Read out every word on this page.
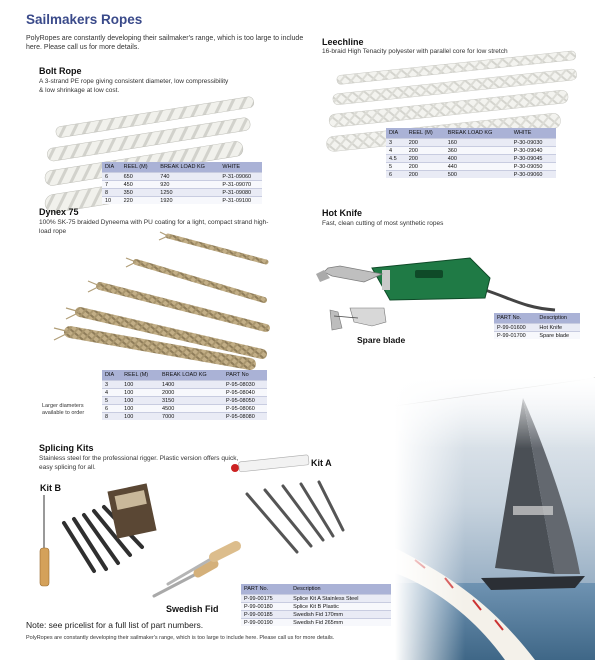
Sailmakers Ropes
PolyRopes are constantly developing their sailmaker's range, which is too large to include here. Please call us for more details.
Bolt Rope
A 3-strand PE rope giving consistent diameter, low compressibility & low shrinkage at low cost.
DIA	REEL (M)	BREAK LOAD KG	WHITE
6	650	740	P-31-09060
7	450	920	P-31-09070
8	350	1250	P-31-09080
10	220	1920	P-31-09100
Leechline
16-braid High Tenacity polyester with parallel core for low stretch
DIA	REEL (M)	BREAK LOAD KG	WHITE
3	200	160	P-30-09030
4	200	360	P-30-09040
4.5	200	400	P-30-09045
5	200	440	P-30-09050
6	200	500	P-30-09060
Dynex 75
100% SK-75 braided Dyneema with PU coating for a light, compact strand high-load rope
DIA	REEL (M)	BREAK LOAD KG	PART No
3	100	1400	P-95-08030
4	100	2000	P-95-08040
5	100	3150	P-95-08050
6	100	4500	P-95-08060
8	100	7000	P-95-08080
Larger diameters available to order
Hot Knife
Fast, clean cutting of most synthetic ropes
Spare blade
PART No.	Description
P-99-01600	Hot Knife
P-99-01700	Spare blade
Splicing Kits
Stainless steel for the professional rigger. Plastic version offers quick, easy splicing for all.
Kit B
Kit A
Swedish Fid
PART No.	Description
P-99-00175	Splice Kit A Stainless Steel
P-99-00180	Splice Kit B Plastic
P-99-00185	Swedish Fid 170mm
P-99-00190	Swedish Fid 265mm
Note: see pricelist for a full list of part numbers.
PolyRopes are constantly developing their sailmaker's range, which is too large to include here. Please call us for more details.
